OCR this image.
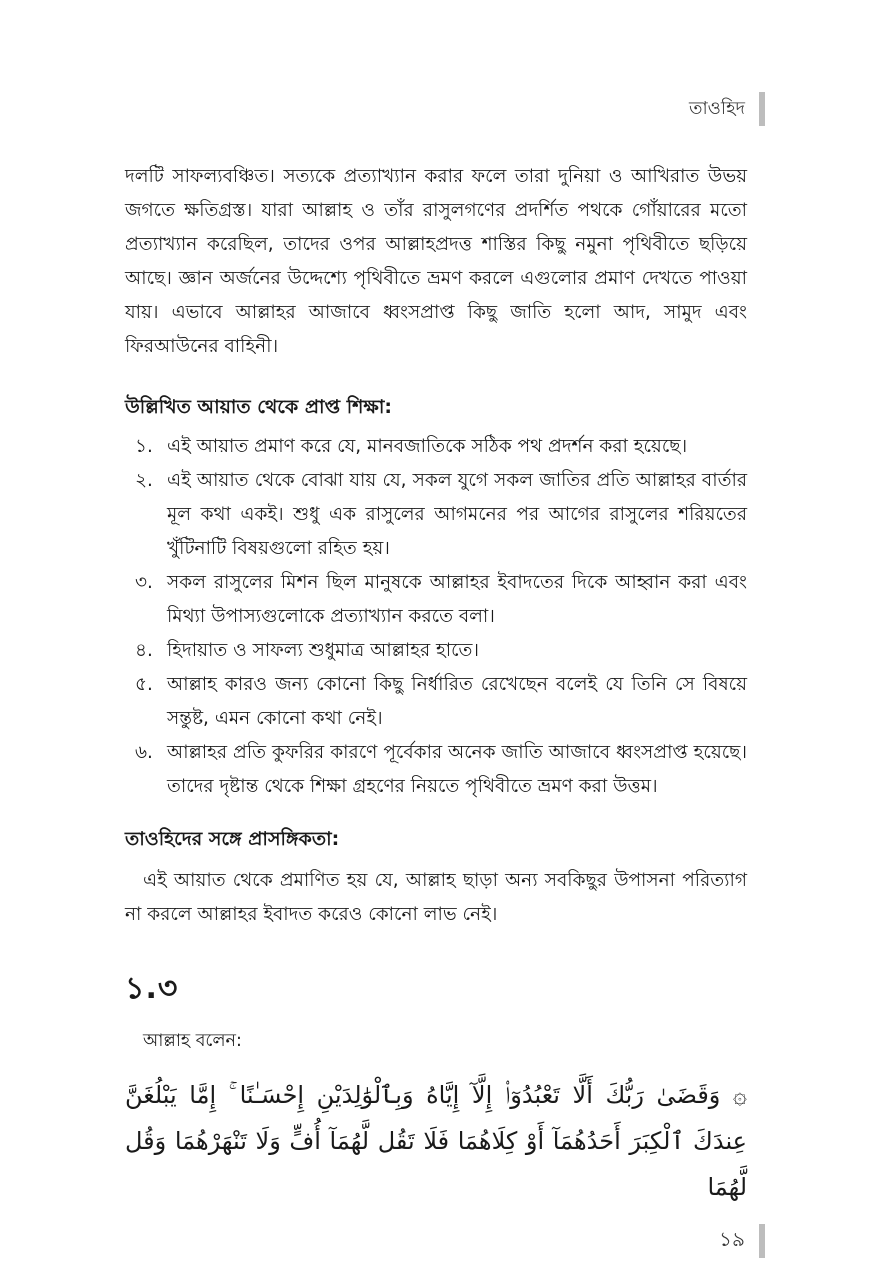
তাওহিদ

দলটি সাফল্যবঞ্চিত। সত্যকে প্রত্যাখ্যান করার ফলে তারা দুনিয়া ও আখিরাত উভয় জগতে ক্ষতিগ্রস্ত। যারা আল্লাহ ও তাঁর রাসুলগণের প্রদর্শিত পথকে গোঁয়ারের মতো প্রত্যাখ্যান করেছিল, তাদের ওপর আল্লাহপ্রদত্ত শাস্তির কিছু নমুনা পৃথিবীতে ছড়িয়ে আছে। জ্ঞান অর্জনের উদ্দেশ্যে পৃথিবীতে ভ্রমণ করলে এগুলোর প্রমাণ দেখতে পাওয়া যায়। এভাবে আল্লাহর আজাবে ধ্বংসপ্রাপ্ত কিছু জাতি হলো আদ, সামুদ এবং ফিরআউনের বাহিনী।

উল্লিখিত আয়াত থেকে প্রাপ্ত শিক্ষা:
১. এই আয়াত প্রমাণ করে যে, মানবজাতিকে সঠিক পথ প্রদর্শন করা হয়েছে।
২. এই আয়াত থেকে বোঝা যায় যে, সকল যুগে সকল জাতির প্রতি আল্লাহর বার্তার মূল কথা একই। শুধু এক রাসুলের আগমনের পর আগের রাসুলের শরিয়তের খুঁটিনাটি বিষয়গুলো রহিত হয়।
৩. সকল রাসুলের মিশন ছিল মানুষকে আল্লাহর ইবাদতের দিকে আহ্বান করা এবং মিথ্যা উপাস্যগুলোকে প্রত্যাখ্যান করতে বলা।
৪. হিদায়াত ও সাফল্য শুধুমাত্র আল্লাহর হাতে।
৫. আল্লাহ কারও জন্য কোনো কিছু নির্ধারিত রেখেছেন বলেই যে তিনি সে বিষয়ে সন্তুষ্ট, এমন কোনো কথা নেই।
৬. আল্লাহর প্রতি কুফরির কারণে পূর্বেকার অনেক জাতি আজাবে ধ্বংসপ্রাপ্ত হয়েছে। তাদের দৃষ্টান্ত থেকে শিক্ষা গ্রহণের নিয়তে পৃথিবীতে ভ্রমণ করা উত্তম।
তাওহিদের সঙ্গে প্রাসঙ্গিকতা:

এই আয়াত থেকে প্রমাণিত হয় যে, আল্লাহ ছাড়া অন্য সবকিছুর উপাসনা পরিত্যাগ না করলে আল্লাহর ইবাদত করেও কোনো লাভ নেই।

১.৩
আল্লাহ বলেন:
۞ وَقَضَىٰ رَبُّكَ أَلَّا تَعْبُدُوٓا۟ إِلَّآ إِيَّاهُ وَبِٱلْوَٰلِدَيْنِ إِحْسَـٰنًا ۚ إِمَّا يَبْلُغَنَّ عِندَكَ ٱلْكِبَرَ أَحَدُهُمَآ أَوْ كِلَاهُمَا فَلَا تَقُل لَّهُمَآ أُفٍّ وَلَا تَنْهَرْهُمَا وَقُل لَّهُمَا
১৯
